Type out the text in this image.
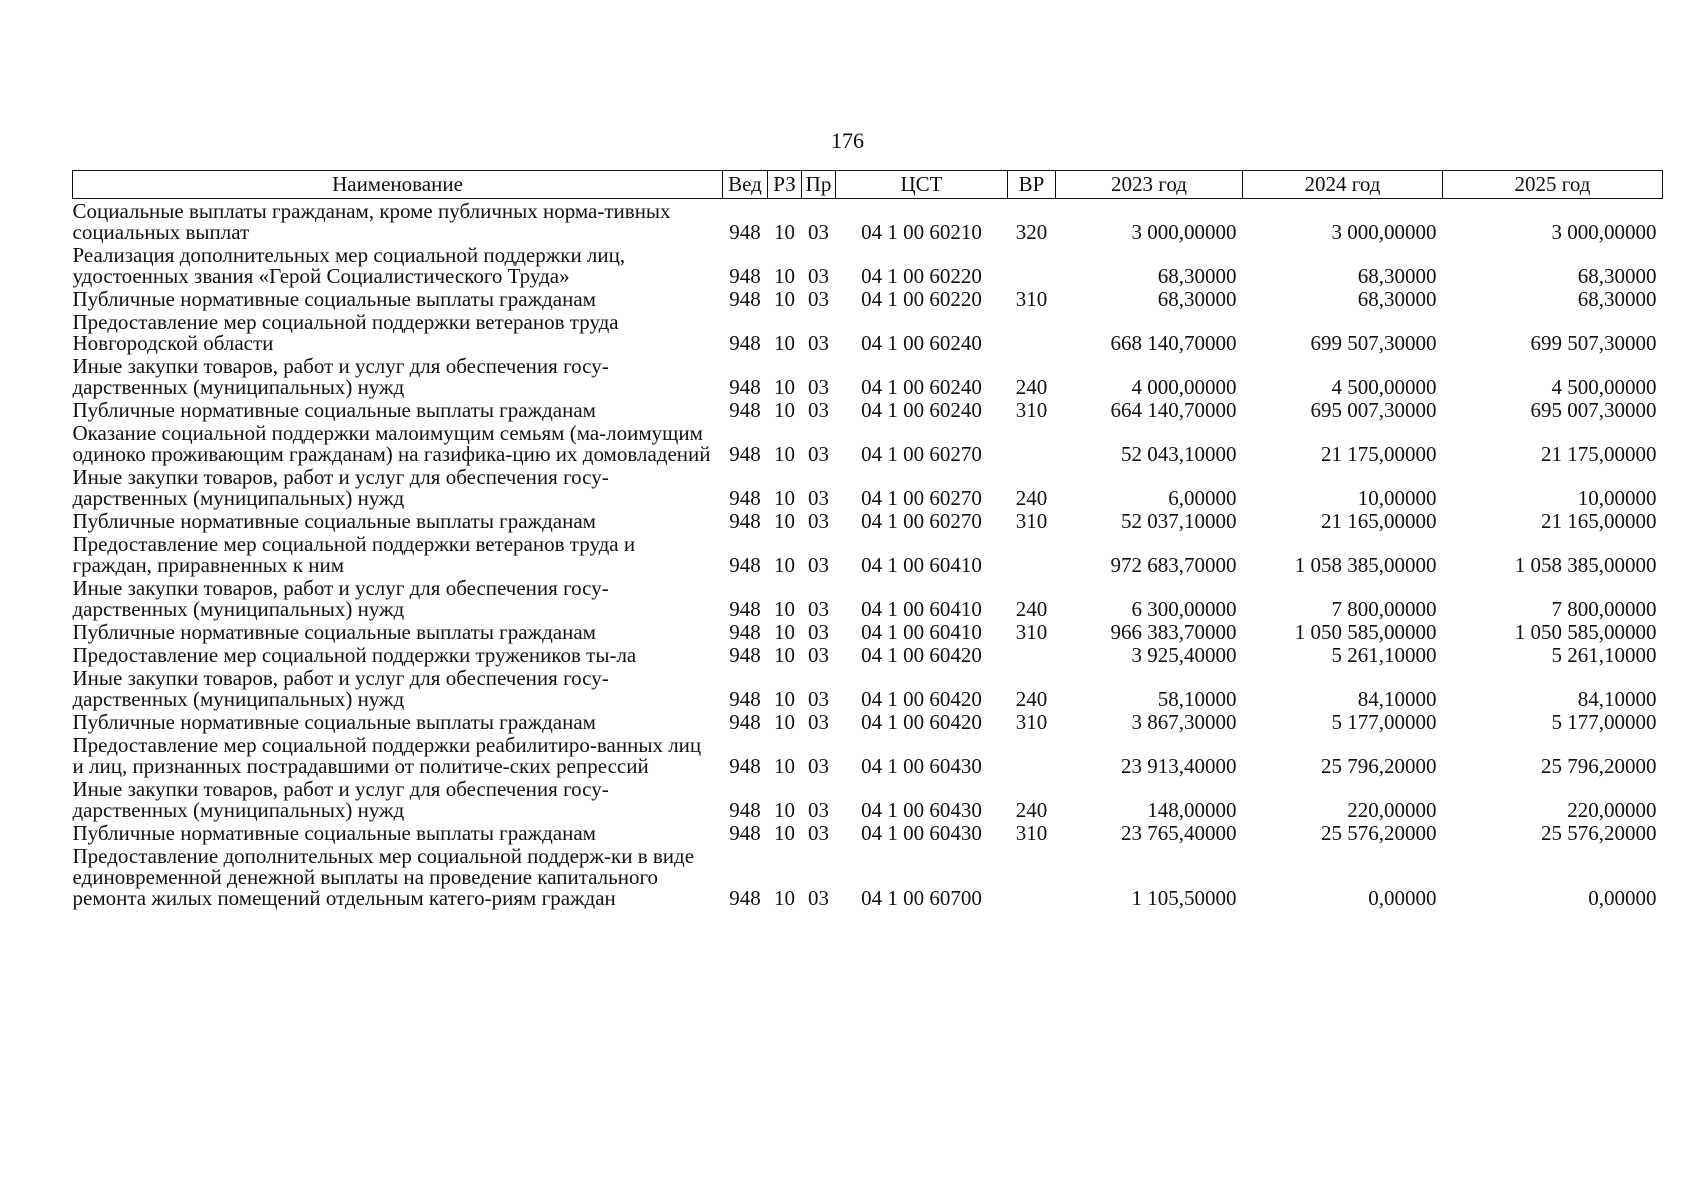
176
Наименование	Вед	РЗ	Пр	ЦСТ	ВР	2023 год	2024 год	2025 год
Социальные выплаты гражданам, кроме публичных норма-тивных социальных выплат	948	10	03	04 1 00 60210	320	3 000,00000	3 000,00000	3 000,00000
Реализация дополнительных мер социальной поддержки лиц, удостоенных звания «Герой Социалистического Труда»	948	10	03	04 1 00 60220		68,30000	68,30000	68,30000
Публичные нормативные социальные выплаты гражданам	948	10	03	04 1 00 60220	310	68,30000	68,30000	68,30000
Предоставление мер социальной поддержки ветеранов труда Новгородской области	948	10	03	04 1 00 60240		668 140,70000	699 507,30000	699 507,30000
Иные закупки товаров, работ и услуг для обеспечения госу-дарственных (муниципальных) нужд	948	10	03	04 1 00 60240	240	4 000,00000	4 500,00000	4 500,00000
Публичные нормативные социальные выплаты гражданам	948	10	03	04 1 00 60240	310	664 140,70000	695 007,30000	695 007,30000
Оказание социальной поддержки малоимущим семьям (ма-лоимущим одиноко проживающим гражданам) на газифика-цию их домовладений	948	10	03	04 1 00 60270		52 043,10000	21 175,00000	21 175,00000
Иные закупки товаров, работ и услуг для обеспечения госу-дарственных (муниципальных) нужд	948	10	03	04 1 00 60270	240	6,00000	10,00000	10,00000
Публичные нормативные социальные выплаты гражданам	948	10	03	04 1 00 60270	310	52 037,10000	21 165,00000	21 165,00000
Предоставление мер социальной поддержки ветеранов труда и граждан, приравненных к ним	948	10	03	04 1 00 60410		972 683,70000	1 058 385,00000	1 058 385,00000
Иные закупки товаров, работ и услуг для обеспечения госу-дарственных (муниципальных) нужд	948	10	03	04 1 00 60410	240	6 300,00000	7 800,00000	7 800,00000
Публичные нормативные социальные выплаты гражданам	948	10	03	04 1 00 60410	310	966 383,70000	1 050 585,00000	1 050 585,00000
Предоставление мер социальной поддержки тружеников ты-ла	948	10	03	04 1 00 60420		3 925,40000	5 261,10000	5 261,10000
Иные закупки товаров, работ и услуг для обеспечения госу-дарственных (муниципальных) нужд	948	10	03	04 1 00 60420	240	58,10000	84,10000	84,10000
Публичные нормативные социальные выплаты гражданам	948	10	03	04 1 00 60420	310	3 867,30000	5 177,00000	5 177,00000
Предоставление мер социальной поддержки реабилитиро-ванных лиц и лиц, признанных пострадавшими от политиче-ских репрессий	948	10	03	04 1 00 60430		23 913,40000	25 796,20000	25 796,20000
Иные закупки товаров, работ и услуг для обеспечения госу-дарственных (муниципальных) нужд	948	10	03	04 1 00 60430	240	148,00000	220,00000	220,00000
Публичные нормативные социальные выплаты гражданам	948	10	03	04 1 00 60430	310	23 765,40000	25 576,20000	25 576,20000
Предоставление дополнительных мер социальной поддерж-ки в виде единовременной денежной выплаты на проведение капитального ремонта жилых помещений отдельным катего-риям граждан	948	10	03	04 1 00 60700		1 105,50000	0,00000	0,00000
